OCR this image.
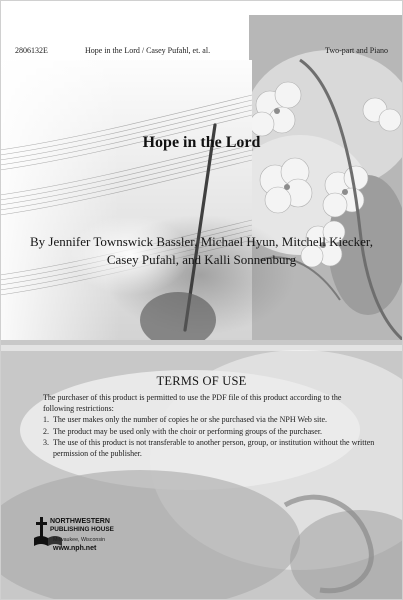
2806132E	Hope in the Lord / Casey Pufahl, et. al.	Two-part and Piano
Hope in the Lord
By Jennifer Townswick Bassler, Michael Hyun, Mitchell Kiecker,
Casey Pufahl, and Kalli Sonnenburg
TERMS OF USE
The purchaser of this product is permitted to use the PDF file of this product according to the following restrictions:
1. The user makes only the number of copies he or she purchased via the NPH Web site.
2. The product may be used only with the choir or performing groups of the purchaser.
3. The use of this product is not transferable to another person, group, or institution without the written permission of the publisher.
NORTHWESTERN
PUBLISHING HOUSE
Milwaukee, Wisconsin
www.nph.net
